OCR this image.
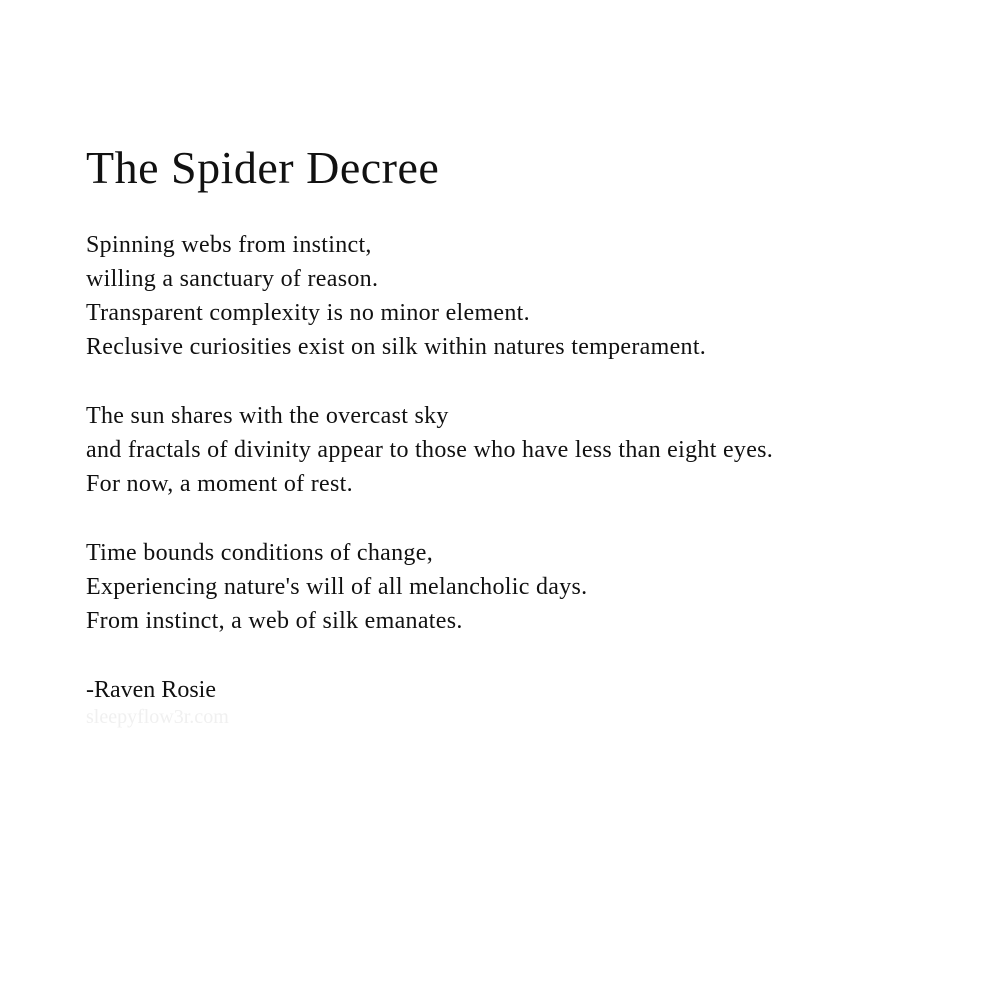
The Spider Decree
Spinning webs from instinct,
willing a sanctuary of reason.
Transparent complexity is no minor element.
Reclusive curiosities exist on silk within natures temperament.
The sun shares with the overcast sky
and fractals of divinity appear to those who have less than eight eyes.
For now, a moment of rest.
Time bounds conditions of change,
Experiencing nature's will of all melancholic days.
From instinct, a web of silk emanates.
-Raven Rosie
sleepyflow3r.com
